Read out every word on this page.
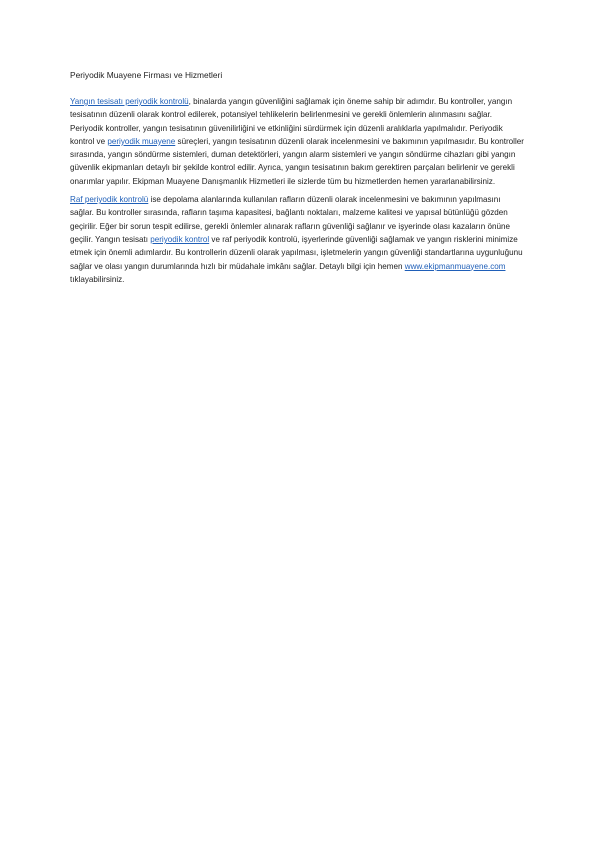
Periyodik Muayene Firması ve Hizmetleri

Yangın tesisatı periyodik kontrolü, binalarda yangın güvenliğini sağlamak için öneme sahip bir adımdır. Bu kontroller, yangın tesisatının düzenli olarak kontrol edilerek, potansiyel tehlikelerin belirlenmesini ve gerekli önlemlerin alınmasını sağlar. Periyodik kontroller, yangın tesisatının güvenilirliğini ve etkinliğini sürdürmek için düzenli aralıklarla yapılmalıdır. Periyodik kontrol ve periyodik muayene süreçleri, yangın tesisatının düzenli olarak incelenmesini ve bakımının yapılmasıdır. Bu kontroller sırasında, yangın söndürme sistemleri, duman detektörleri, yangın alarm sistemleri ve yangın söndürme cihazları gibi yangın güvenlik ekipmanları detaylı bir şekilde kontrol edilir. Ayrıca, yangın tesisatının bakım gerektiren parçaları belirlenir ve gerekli onarımlar yapılır. Ekipman Muayene Danışmanlık Hizmetleri ile sizlerde tüm bu hizmetlerden hemen yararlanabilirsiniz.

Raf periyodik kontrolü ise depolama alanlarında kullanılan rafların düzenli olarak incelenmesini ve bakımının yapılmasını sağlar. Bu kontroller sırasında, rafların taşıma kapasitesi, bağlantı noktaları, malzeme kalitesi ve yapısal bütünlüğü gözden geçirilir. Eğer bir sorun tespit edilirse, gerekli önlemler alınarak rafların güvenliği sağlanır ve işyerinde olası kazaların önüne geçilir. Yangın tesisatı periyodik kontrol ve raf periyodik kontrolü, işyerlerinde güvenliği sağlamak ve yangın risklerini minimize etmek için önemli adımlardır. Bu kontrollerin düzenli olarak yapılması, işletmelerin yangın güvenliği standartlarına uygunluğunu sağlar ve olası yangın durumlarında hızlı bir müdahale imkânı sağlar. Detaylı bilgi için hemen www.ekipmanmuayene.com tıklayabilirsiniz.
